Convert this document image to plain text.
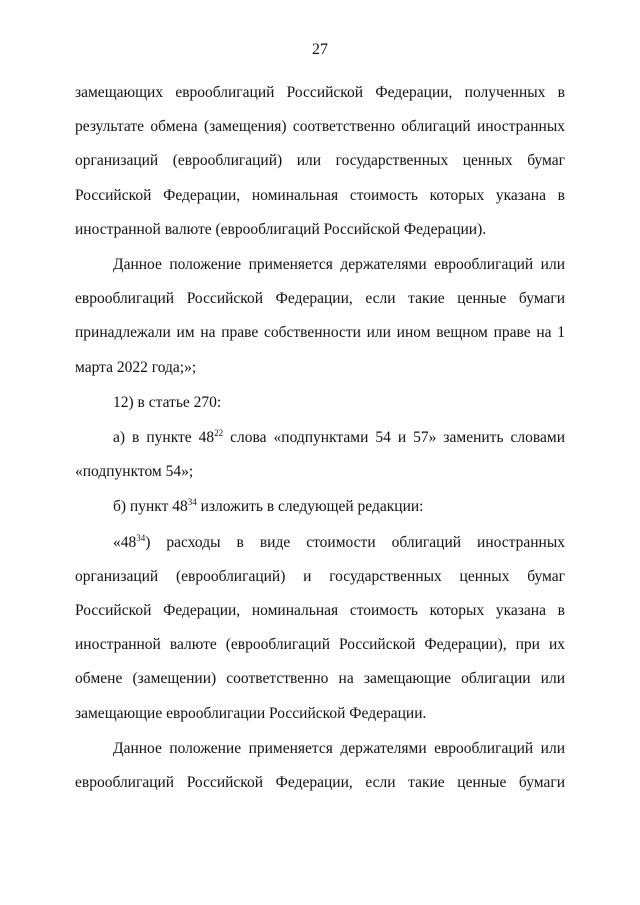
27

замещающих еврооблигаций Российской Федерации, полученных в результате обмена (замещения) соответственно облигаций иностранных организаций (еврооблигаций) или государственных ценных бумаг Российской Федерации, номинальная стоимость которых указана в иностранной валюте (еврооблигаций Российской Федерации).

Данное положение применяется держателями еврооблигаций или еврооблигаций Российской Федерации, если такие ценные бумаги принадлежали им на праве собственности или ином вещном праве на 1 марта 2022 года;»;

12) в статье 270:

а) в пункте $48^{22}$ слова «подпунктами 54 и 57» заменить словами «подпунктом 54»;

б) пункт $48^{34}$ изложить в следующей редакции:

«$48^{34}$) расходы в виде стоимости облигаций иностранных организаций (еврооблигаций) и государственных ценных бумаг Российской Федерации, номинальная стоимость которых указана в иностранной валюте (еврооблигаций Российской Федерации), при их обмене (замещении) соответственно на замещающие облигации или замещающие еврооблигации Российской Федерации.

Данное положение применяется держателями еврооблигаций или еврооблигаций Российской Федерации, если такие ценные бумаги
